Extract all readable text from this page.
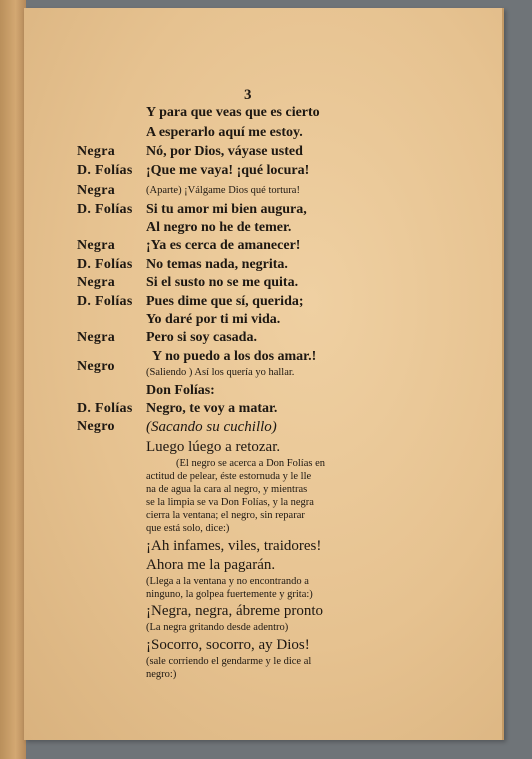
3
Y para que veas que es cierto
A esperarlo aquí me estoy.
Negra Nó, por Dios, váyase usted
D. Folías ¡Que me vaya! ¡qué locura!
Negra	(Aparte) ¡Válgame Dios qué tortura!
D. Folías Si tu amor mi bien augura,
Al negro no he de temer.
Negra ¡Ya es cerca de amanecer!
D. Folías No temas nada, negrita.
Negra Si el susto no se me quita.
D. Folías Pues dime que sí, querida;
Yo daré por ti mi vida.
Negra Pero si soy casada.
Y no puedo a los dos amar.!
Negro	(Saliendo ) Así los quería yo hallar.
Don Folías:
D. Folías Negro, te voy a matar.
Negro (Sacando su cuchillo)
Luego lúego a retozar.
(El negro se acerca a Don Folías en
actitud de pelear, éste estornuda y le lle
na de agua la cara al negro, y mientras
se la limpia se va Don Folías, y la negra
cierra la ventana; el negro, sin reparar
que está solo, dice:)
¡Ah infames, viles, traidores!
Ahora me la pagarán.
(Llega a la ventana y no encontrando a
ninguno, la golpea fuertemente y grita:)
¡Negra, negra, ábreme pronto
(La negra gritando desde adentro)
¡Socorro, socorro, ay Dios!
(sale corriendo el gendarme y le dice al
negro:)
